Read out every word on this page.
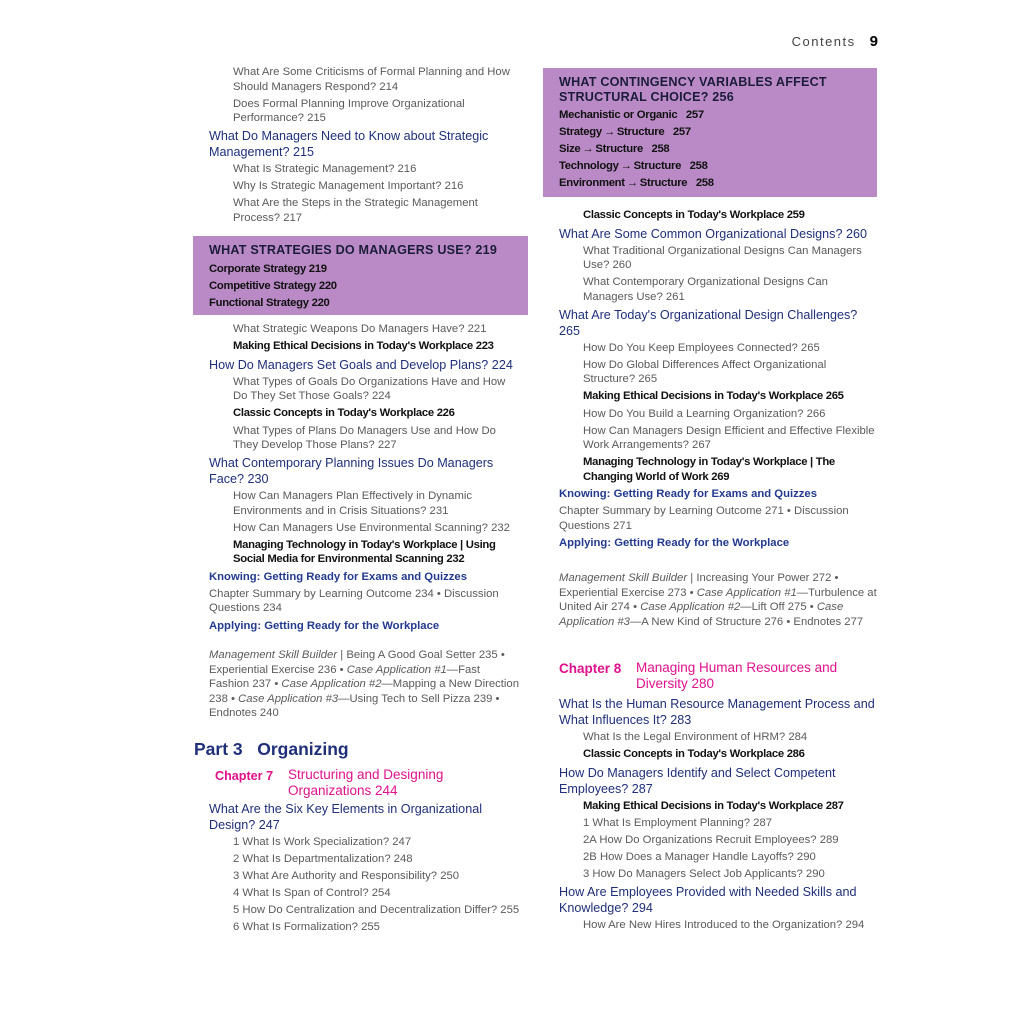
Contents 9
What Are Some Criticisms of Formal Planning and How Should Managers Respond? 214
Does Formal Planning Improve Organizational Performance? 215
What Do Managers Need to Know about Strategic Management? 215
What Is Strategic Management? 216
Why Is Strategic Management Important? 216
What Are the Steps in the Strategic Management Process? 217
WHAT STRATEGIES DO MANAGERS USE? 219
Corporate Strategy 219
Competitive Strategy 220
Functional Strategy 220
What Strategic Weapons Do Managers Have? 221
Making Ethical Decisions in Today's Workplace 223
How Do Managers Set Goals and Develop Plans? 224
What Types of Goals Do Organizations Have and How Do They Set Those Goals? 224
Classic Concepts in Today's Workplace 226
What Types of Plans Do Managers Use and How Do They Develop Those Plans? 227
What Contemporary Planning Issues Do Managers Face? 230
How Can Managers Plan Effectively in Dynamic Environments and in Crisis Situations? 231
How Can Managers Use Environmental Scanning? 232
Managing Technology in Today's Workplace | Using Social Media for Environmental Scanning 232
Knowing: Getting Ready for Exams and Quizzes
Chapter Summary by Learning Outcome 234 • Discussion Questions 234
Applying: Getting Ready for the Workplace
Management Skill Builder | Being A Good Goal Setter 235 • Experiential Exercise 236 • Case Application #1—Fast Fashion 237 • Case Application #2—Mapping a New Direction 238 • Case Application #3—Using Tech to Sell Pizza 239 • Endnotes 240
Part 3 Organizing
Chapter 7 Structuring and Designing Organizations 244
What Are the Six Key Elements in Organizational Design? 247
1 What Is Work Specialization? 247
2 What Is Departmentalization? 248
3 What Are Authority and Responsibility? 250
4 What Is Span of Control? 254
5 How Do Centralization and Decentralization Differ? 255
6 What Is Formalization? 255
WHAT CONTINGENCY VARIABLES AFFECT STRUCTURAL CHOICE? 256
Mechanistic or Organic 257
Strategy → Structure 257
Size → Structure 258
Technology → Structure 258
Environment → Structure 258
Classic Concepts in Today's Workplace 259
What Are Some Common Organizational Designs? 260
What Traditional Organizational Designs Can Managers Use? 260
What Contemporary Organizational Designs Can Managers Use? 261
What Are Today's Organizational Design Challenges? 265
How Do You Keep Employees Connected? 265
How Do Global Differences Affect Organizational Structure? 265
Making Ethical Decisions in Today's Workplace 265
How Do You Build a Learning Organization? 266
How Can Managers Design Efficient and Effective Flexible Work Arrangements? 267
Managing Technology in Today's Workplace | The Changing World of Work 269
Knowing: Getting Ready for Exams and Quizzes
Chapter Summary by Learning Outcome 271 • Discussion Questions 271
Applying: Getting Ready for the Workplace
Management Skill Builder | Increasing Your Power 272 • Experiential Exercise 273 • Case Application #1—Turbulence at United Air 274 • Case Application #2—Lift Off 275 • Case Application #3—A New Kind of Structure 276 • Endnotes 277
Chapter 8 Managing Human Resources and Diversity 280
What Is the Human Resource Management Process and What Influences It? 283
What Is the Legal Environment of HRM? 284
Classic Concepts in Today's Workplace 286
How Do Managers Identify and Select Competent Employees? 287
Making Ethical Decisions in Today's Workplace 287
1 What Is Employment Planning? 287
2A How Do Organizations Recruit Employees? 289
2B How Does a Manager Handle Layoffs? 290
3 How Do Managers Select Job Applicants? 290
How Are Employees Provided with Needed Skills and Knowledge? 294
How Are New Hires Introduced to the Organization? 294
